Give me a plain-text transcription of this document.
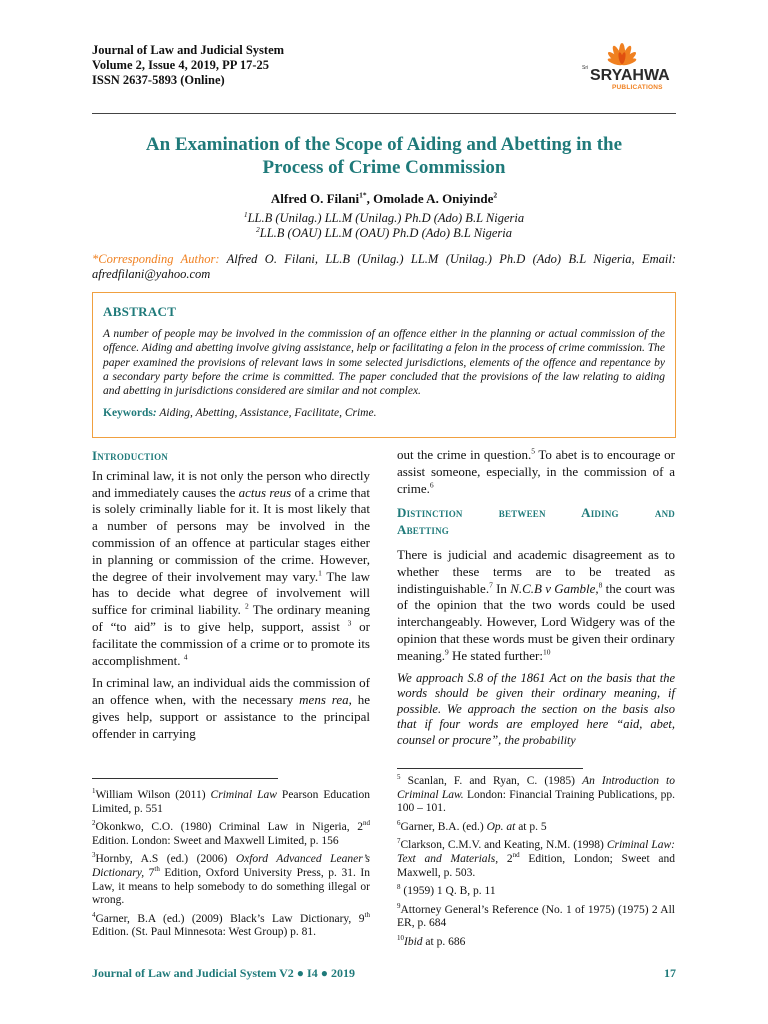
Journal of Law and Judicial System
Volume 2, Issue 4, 2019, PP 17-25
ISSN 2637-5893 (Online)
Sri SRYAHWA
PUBLICATIONS
An Examination of the Scope of Aiding and Abetting in the
Process of Crime Commission
Alfred O. Filani$^{1*}$, Omolade A. Oniyinde$^2$
$^1$LL.B (Unilag.) LL.M (Unilag.) Ph.D (Ado) B.L Nigeria
$^2$LL.B (OAU) LL.M (OAU) Ph.D (Ado) B.L Nigeria
*Corresponding Author: Alfred O. Filani, LL.B (Unilag.) LL.M (Unilag.) Ph.D (Ado) B.L Nigeria, Email: afredfilani@yahoo.com
ABSTRACT
A number of people may be involved in the commission of an offence either in the planning or actual commission of the offence. Aiding and abetting involve giving assistance, help or facilitating a felon in the process of crime commission. The paper examined the provisions of relevant laws in some selected jurisdictions, elements of the offence and repentance by a secondary party before the crime is committed. The paper concluded that the provisions of the law relating to aiding and abetting in jurisdictions considered are similar and not complex.
Keywords: Aiding, Abetting, Assistance, Facilitate, Crime.
Introduction

In criminal law, it is not only the person who directly and immediately causes the actus reus of a crime that is solely criminally liable for it. It is most likely that a number of persons may be involved in the commission of an offence at particular stages either in planning or commission of the crime. However, the degree of their involvement may vary.$^1$ The law has to decide what degree of involvement will suffice for criminal liability. $^2$ The ordinary meaning of “to aid” is to give help, support, assist $^3$ or facilitate the commission of a crime or to promote its accomplishment. $^4$

In criminal law, an individual aids the commission of an offence when, with the necessary mens rea, he gives help, support or assistance to the principal offender in carrying

out the crime in question.$^5$ To abet is to encourage or assist someone, especially, in the commission of a crime.$^6$

Distinction between Aiding and
Abetting

There is judicial and academic disagreement as to whether these terms are to be treated as indistinguishable.$^7$ In N.C.B v Gamble,$^8$ the court was of the opinion that the two words could be used interchangeably. However, Lord Widgery was of the opinion that these words must be given their ordinary meaning.$^9$ He stated further:$^{10}$

We approach S.8 of the 1861 Act on the basis that the words should be given their ordinary meaning, if possible. We approach the section on the basis also that if four words are employed here “aid, abet, counsel or procure”, the probability

$^1$William Wilson (2011) Criminal Law Pearson Education Limited, p. 551
$^2$Okonkwo, C.O. (1980) Criminal Law in Nigeria, 2nd Edition. London: Sweet and Maxwell Limited, p. 156
$^3$Hornby, A.S (ed.) (2006) Oxford Advanced Leaner’s Dictionary, 7th Edition, Oxford University Press, p. 31. In Law, it means to help somebody to do something illegal or wrong.
$^4$Garner, B.A (ed.) (2009) Black’s Law Dictionary, 9th Edition. (St. Paul Minnesota: West Group) p. 81.
$^5$ Scanlan, F. and Ryan, C. (1985) An Introduction to Criminal Law. London: Financial Training Publications, pp. 100 – 101.
$^6$Garner, B.A. (ed.) Op. at at p. 5
$^7$Clarkson, C.M.V. and Keating, N.M. (1998) Criminal Law: Text and Materials, 2nd Edition, London; Sweet and Maxwell, p. 503.
$^8$ (1959) 1 Q. B, p. 11
$^9$Attorney General’s Reference (No. 1 of 1975) (1975) 2 All ER, p. 684
$^{10}$Ibid at p. 686
Journal of Law and Judicial System V2 ● I4 ● 2019	17
